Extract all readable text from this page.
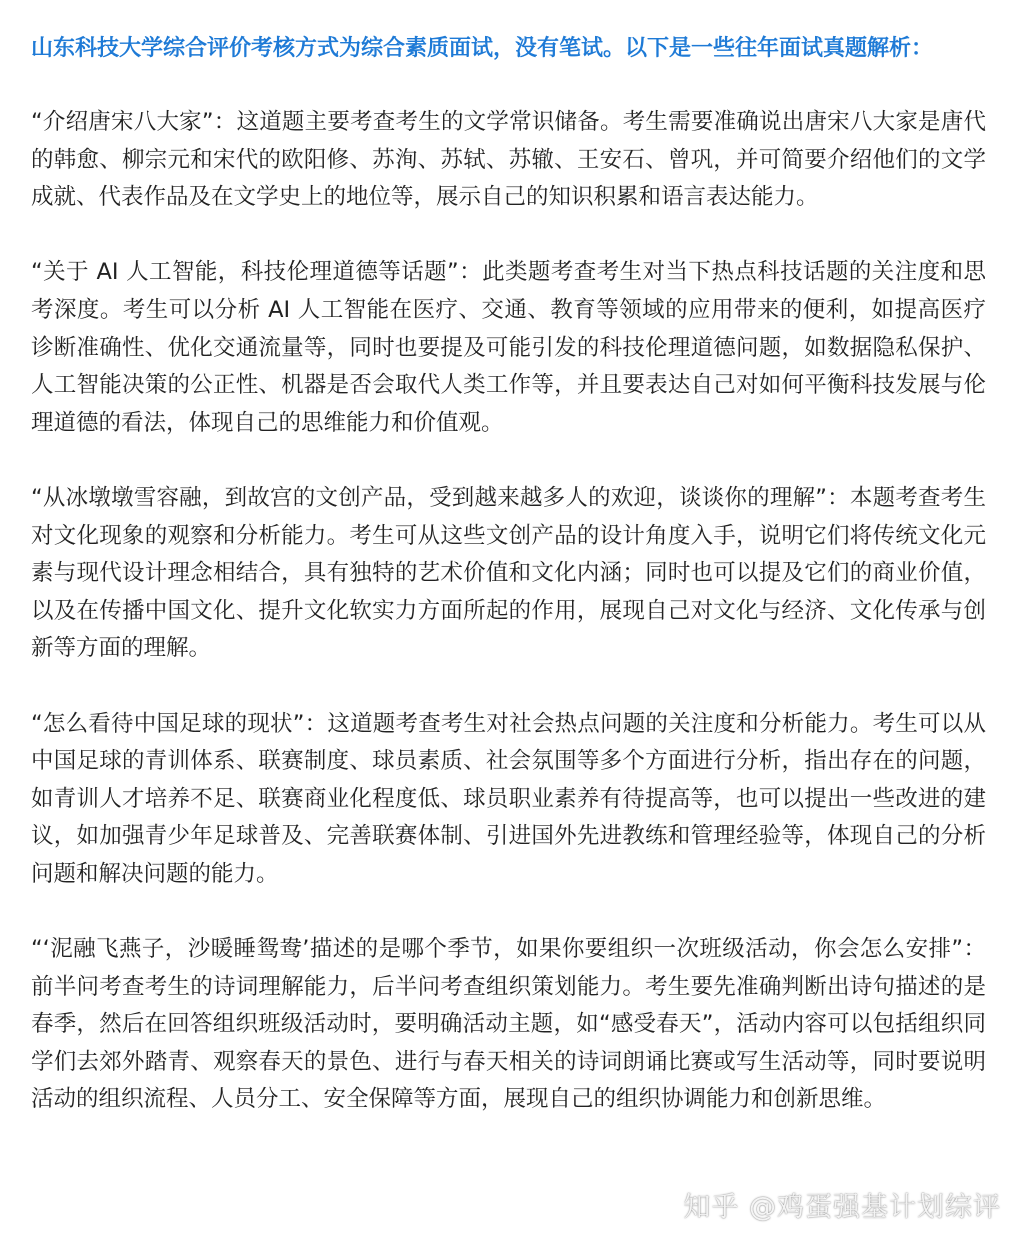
山东科技大学综合评价考核方式为综合素质面试，没有笔试。以下是一些往年面试真题解析：

“介绍唐宋八大家”：这道题主要考查考生的文学常识储备。考生需要准确说出唐宋八大家是唐代的韩愈、柳宗元和宋代的欧阳修、苏洵、苏轼、苏辙、王安石、曾巩，并可简要介绍他们的文学成就、代表作品及在文学史上的地位等，展示自己的知识积累和语言表达能力。

“关于 AI 人工智能，科技伦理道德等话题”：此类题考查考生对当下热点科技话题的关注度和思考深度。考生可以分析 AI 人工智能在医疗、交通、教育等领域的应用带来的便利，如提高医疗诊断准确性、优化交通流量等，同时也要提及可能引发的科技伦理道德问题，如数据隐私保护、人工智能决策的公正性、机器是否会取代人类工作等，并且要表达自己对如何平衡科技发展与伦理道德的看法，体现自己的思维能力和价值观。

“从冰墩墩雪容融，到故宫的文创产品，受到越来越多人的欢迎，谈谈你的理解”：本题考查考生对文化现象的观察和分析能力。考生可从这些文创产品的设计角度入手，说明它们将传统文化元素与现代设计理念相结合，具有独特的艺术价值和文化内涵；同时也可以提及它们的商业价值，以及在传播中国文化、提升文化软实力方面所起的作用，展现自己对文化与经济、文化传承与创新等方面的理解。

“怎么看待中国足球的现状”：这道题考查考生对社会热点问题的关注度和分析能力。考生可以从中国足球的青训体系、联赛制度、球员素质、社会氛围等多个方面进行分析，指出存在的问题，如青训人才培养不足、联赛商业化程度低、球员职业素养有待提高等，也可以提出一些改进的建议，如加强青少年足球普及、完善联赛体制、引进国外先进教练和管理经验等，体现自己的分析问题和解决问题的能力。

“‘泥融飞燕子，沙暖睡鸳鸯’描述的是哪个季节，如果你要组织一次班级活动，你会怎么安排”：前半问考查考生的诗词理解能力，后半问考查组织策划能力。考生要先准确判断出诗句描述的是春季，然后在回答组织班级活动时，要明确活动主题，如“感受春天”，活动内容可以包括组织同学们去郊外踏青、观察春天的景色、进行与春天相关的诗词朗诵比赛或写生活动等，同时要说明活动的组织流程、人员分工、安全保障等方面，展现自己的组织协调能力和创新思维。

知乎 @鸡蛋强基计划综评
